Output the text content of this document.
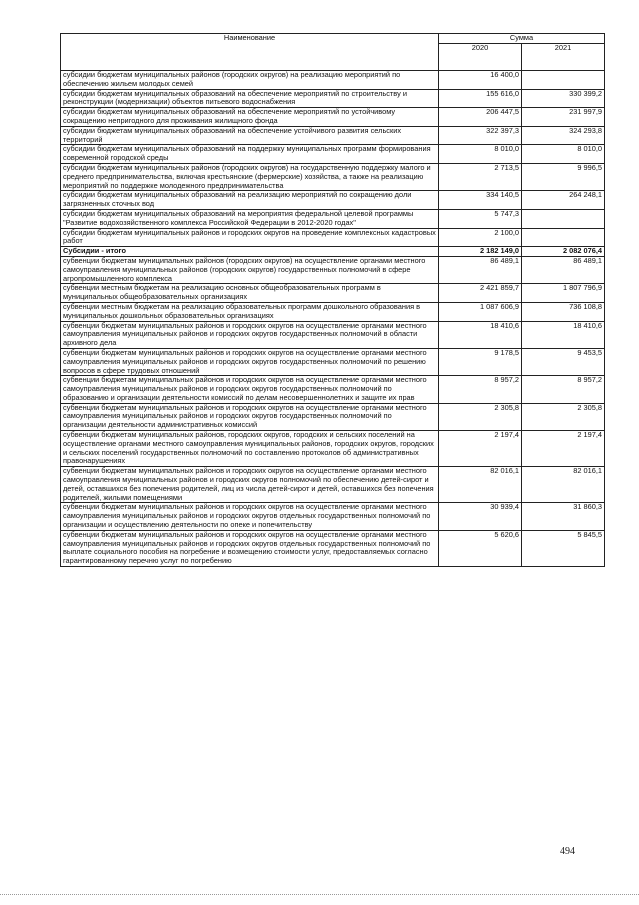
Наименование	Сумма	
	2020	2021
субсидии бюджетам муниципальных районов (городских округов) на реализацию мероприятий по обеспечению жильем молодых семей	16 400,0	
субсидии бюджетам муниципальных образований на обеспечение мероприятий по строительству и реконструкции (модернизации) объектов питьевого водоснабжения	155 616,0	330 399,2
субсидии бюджетам муниципальных образований на обеспечение мероприятий по устойчивому сокращению непригодного для проживания жилищного фонда	206 447,5	231 997,9
субсидии бюджетам муниципальных образований на обеспечение устойчивого развития сельских территорий	322 397,3	324 293,8
субсидии бюджетам муниципальных образований на поддержку муниципальных программ формирования современной городской среды	8 010,0	8 010,0
субсидии бюджетам муниципальных районов (городских округов) на государственную поддержку малого и среднего предпринимательства, включая крестьянские (фермерские) хозяйства, а также на реализацию мероприятий по поддержке молодежного предпринимательства	2 713,5	9 996,5
субсидии бюджетам муниципальных образований на реализацию мероприятий по сокращению доли загрязненных сточных вод	334 140,5	264 248,1
субсидии бюджетам муниципальных образований на мероприятия федеральной целевой программы "Развитие водохозяйственного комплекса Российской Федерации в 2012-2020 годах"	5 747,3	
субсидии бюджетам муниципальных районов и городских округов на проведение комплексных кадастровых работ	2 100,0	
Субсидии - итого	2 182 149,0	2 082 076,4
субвенции бюджетам муниципальных районов (городских округов) на осуществление органами местного самоуправления муниципальных районов (городских округов) государственных полномочий в сфере агропромышленного комплекса	86 489,1	86 489,1
субвенции местным бюджетам на реализацию основных общеобразовательных программ в муниципальных общеобразовательных организациях	2 421 859,7	1 807 796,9
субвенции местным бюджетам на реализацию образовательных программ дошкольного образования в муниципальных дошкольных образовательных организациях	1 087 606,9	736 108,8
субвенции бюджетам муниципальных районов и городских округов на осуществление органами местного самоуправления муниципальных районов и городских округов государственных полномочий в области архивного дела	18 410,6	18 410,6
субвенции бюджетам муниципальных районов и городских округов на осуществление органами местного самоуправления муниципальных районов и городских округов государственных полномочий по решению вопросов в сфере трудовых отношений	9 178,5	9 453,5
субвенции бюджетам муниципальных районов и городских округов на осуществление органами местного самоуправления муниципальных районов и городских округов государственных полномочий по образованию и организации деятельности комиссий по делам несовершеннолетних и защите их прав	8 957,2	8 957,2
субвенции бюджетам муниципальных районов и городских округов на осуществление органами местного самоуправления муниципальных районов и городских округов государственных полномочий по организации деятельности административных комиссий	2 305,8	2 305,8
субвенции бюджетам муниципальных районов, городских округов, городских и сельских поселений на осуществление органами местного самоуправления муниципальных районов, городских округов, городских и сельских поселений государственных полномочий по составлению протоколов об административных правонарушениях	2 197,4	2 197,4
субвенции бюджетам муниципальных районов и городских округов на осуществление органами местного самоуправления муниципальных районов и городских округов полномочий по обеспечению детей-сирот и детей, оставшихся без попечения родителей, лиц из числа детей-сирот и детей, оставшихся без попечения родителей, жилыми помещениями	82 016,1	82 016,1
субвенции бюджетам муниципальных районов и городских округов на осуществление органами местного самоуправления муниципальных районов и городских округов отдельных государственных полномочий по организации и осуществлению деятельности по опеке и попечительству	30 939,4	31 860,3
субвенции бюджетам муниципальных районов и городских округов на осуществление органами местного самоуправления муниципальных районов и городских округов отдельных государственных полномочий по выплате социального пособия на погребение и возмещению стоимости услуг, предоставляемых согласно гарантированному перечню услуг по погребению	5 620,6	5 845,5
494
